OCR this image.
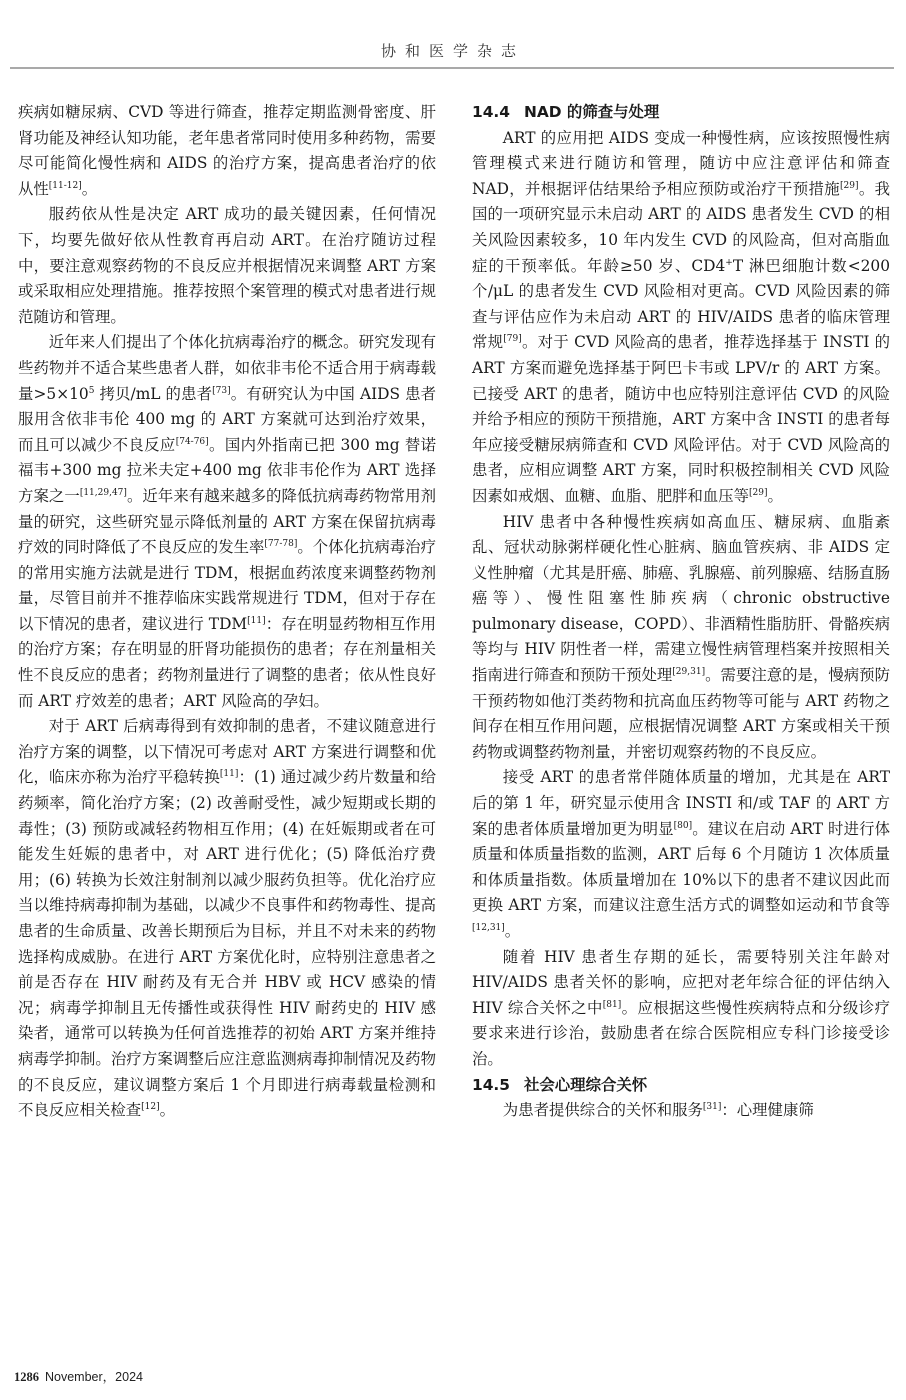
协和医学杂志

疾病如糖尿病、CVD 等进行筛查，推荐定期监测骨密度、肝肾功能及神经认知功能，老年患者常同时使用多种药物，需要尽可能简化慢性病和 AIDS 的治疗方案，提高患者治疗的依从性[11-12]。

服药依从性是决定 ART 成功的最关键因素，任何情况下，均要先做好依从性教育再启动 ART。在治疗随访过程中，要注意观察药物的不良反应并根据情况来调整 ART 方案或采取相应处理措施。推荐按照个案管理的模式对患者进行规范随访和管理。

近年来人们提出了个体化抗病毒治疗的概念。研究发现有些药物并不适合某些患者人群，如依非韦伦不适合用于病毒载量$>5\times 10^5$ 拷贝/mL 的患者[73]。有研究认为中国 AIDS 患者服用含依非韦伦 400 mg 的 ART 方案就可达到治疗效果，而且可以减少不良反应[74-76]。国内外指南已把 300 mg 替诺福韦+300 mg 拉米夫定+400 mg 依非韦伦作为 ART 选择方案之一[11,29,47]。近年来有越来越多的降低抗病毒药物常用剂量的研究，这些研究显示降低剂量的 ART 方案在保留抗病毒疗效的同时降低了不良反应的发生率[77-78]。个体化抗病毒治疗的常用实施方法就是进行 TDM，根据血药浓度来调整药物剂量，尽管目前并不推荐临床实践常规进行 TDM，但对于存在以下情况的患者，建议进行 TDM[11]：存在明显药物相互作用的治疗方案；存在明显的肝肾功能损伤的患者；存在剂量相关性不良反应的患者；药物剂量进行了调整的患者；依从性良好而 ART 疗效差的患者；ART 风险高的孕妇。

对于 ART 后病毒得到有效抑制的患者，不建议随意进行治疗方案的调整，以下情况可考虑对 ART 方案进行调整和优化，临床亦称为治疗平稳转换[11]：(1) 通过减少药片数量和给药频率，简化治疗方案；(2) 改善耐受性，减少短期或长期的毒性；(3) 预防或减轻药物相互作用；(4) 在妊娠期或者在可能发生妊娠的患者中，对 ART 进行优化；(5) 降低治疗费用；(6) 转换为长效注射制剂以减少服药负担等。优化治疗应当以维持病毒抑制为基础，以减少不良事件和药物毒性、提高患者的生命质量、改善长期预后为目标，并且不对未来的药物选择构成威胁。在进行 ART 方案优化时，应特别注意患者之前是否存在 HIV 耐药及有无合并 HBV 或 HCV 感染的情况；病毒学抑制且无传播性或获得性 HIV 耐药史的 HIV 感染者，通常可以转换为任何首选推荐的初始 ART 方案并维持病毒学抑制。治疗方案调整后应注意监测病毒抑制情况及药物的不良反应，建议调整方案后 1 个月即进行病毒载量检测和不良反应相关检查[12]。

14.4 NAD 的筛查与处理

ART 的应用把 AIDS 变成一种慢性病，应该按照慢性病管理模式来进行随访和管理，随访中应注意评估和筛查 NAD，并根据评估结果给予相应预防或治疗干预措施[29]。我国的一项研究显示未启动 ART 的 AIDS 患者发生 CVD 的相关风险因素较多，10 年内发生 CVD 的风险高，但对高脂血症的干预率低。年龄≥50 岁、CD4+T 淋巴细胞计数<200 个/μL 的患者发生 CVD 风险相对更高。CVD 风险因素的筛查与评估应作为未启动 ART 的 HIV/AIDS 患者的临床管理常规[79]。对于 CVD 风险高的患者，推荐选择基于 INSTI 的 ART 方案而避免选择基于阿巴卡韦或 LPV/r 的 ART 方案。已接受 ART 的患者，随访中也应特别注意评估 CVD 的风险并给予相应的预防干预措施，ART 方案中含 INSTI 的患者每年应接受糖尿病筛查和 CVD 风险评估。对于 CVD 风险高的患者，应相应调整 ART 方案，同时积极控制相关 CVD 风险因素如戒烟、血糖、血脂、肥胖和血压等[29]。

HIV 患者中各种慢性疾病如高血压、糖尿病、血脂紊乱、冠状动脉粥样硬化性心脏病、脑血管疾病、非 AIDS 定义性肿瘤（尤其是肝癌、肺癌、乳腺癌、前列腺癌、结肠直肠癌等）、慢性阻塞性肺疾病（chronic obstructive pulmonary disease，COPD）、非酒精性脂肪肝、骨骼疾病等均与 HIV 阴性者一样，需建立慢性病管理档案并按照相关指南进行筛查和预防干预处理[29,31]。需要注意的是，慢病预防干预药物如他汀类药物和抗高血压药物等可能与 ART 药物之间存在相互作用问题，应根据情况调整 ART 方案或相关干预药物或调整药物剂量，并密切观察药物的不良反应。

接受 ART 的患者常伴随体质量的增加，尤其是在 ART 后的第 1 年，研究显示使用含 INSTI 和/或 TAF 的 ART 方案的患者体质量增加更为明显[80]。建议在启动 ART 时进行体质量和体质量指数的监测，ART 后每 6 个月随访 1 次体质量和体质量指数。体质量增加在 10%以下的患者不建议因此而更换 ART 方案，而建议注意生活方式的调整如运动和节食等[12,31]。

随着 HIV 患者生存期的延长，需要特别关注年龄对 HIV/AIDS 患者关怀的影响，应把对老年综合征的评估纳入 HIV 综合关怀之中[81]。应根据这些慢性疾病特点和分级诊疗要求来进行诊治，鼓励患者在综合医院相应专科门诊接受诊治。

14.5 社会心理综合关怀

为患者提供综合的关怀和服务[31]：心理健康筛

1286 November，2024
